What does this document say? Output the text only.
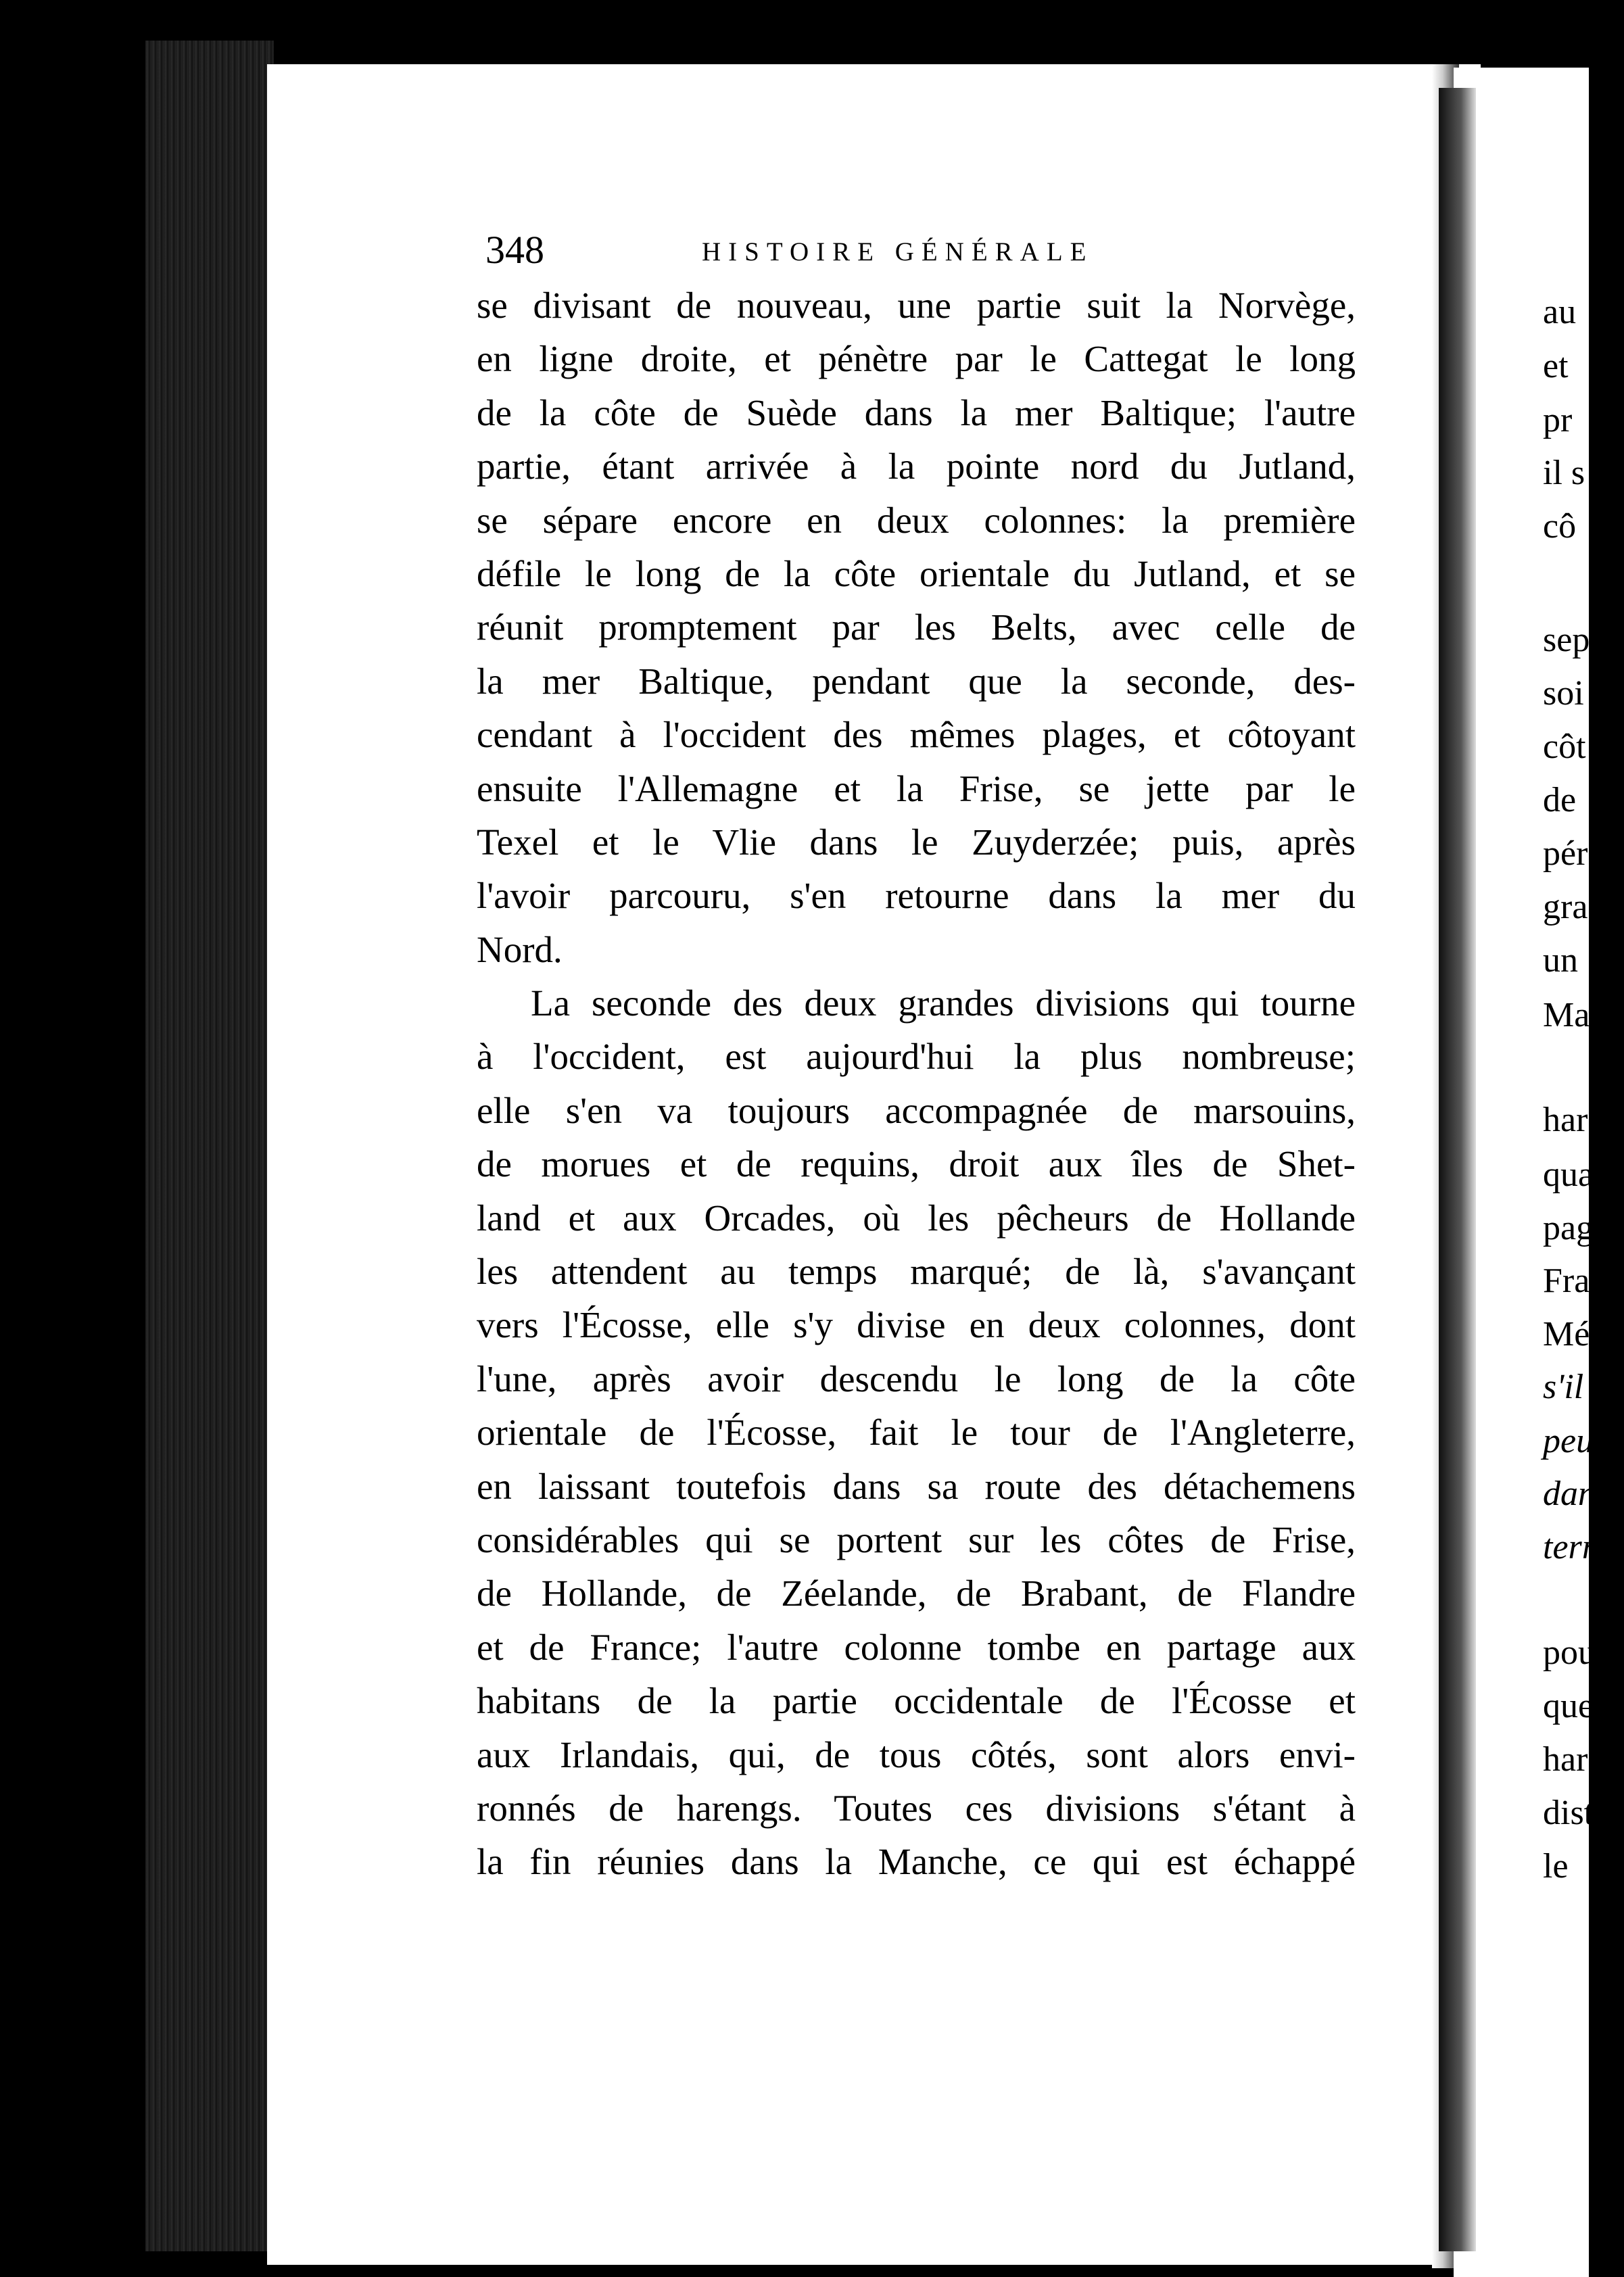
348	HISTOIRE GÉNÉRALE
se divisant de nouveau, une partie suit la Norvège,
en ligne droite, et pénètre par le Cattegat le long
de la côte de Suède dans la mer Baltique; l'autre
partie, étant arrivée à la pointe nord du Jutland,
se sépare encore en deux colonnes: la première
défile le long de la côte orientale du Jutland, et se
réunit promptement par les Belts, avec celle de
la mer Baltique, pendant que la seconde, des-
cendant à l'occident des mêmes plages, et côtoyant
ensuite l'Allemagne et la Frise, se jette par le
Texel et le Vlie dans le Zuyderzée; puis, après
l'avoir parcouru, s'en retourne dans la mer du
Nord.
La seconde des deux grandes divisions qui tourne
à l'occident, est aujourd'hui la plus nombreuse;
elle s'en va toujours accompagnée de marsouins,
de morues et de requins, droit aux îles de Shet-
land et aux Orcades, où les pêcheurs de Hollande
les attendent au temps marqué; de là, s'avançant
vers l'Écosse, elle s'y divise en deux colonnes, dont
l'une, après avoir descendu le long de la côte
orientale de l'Écosse, fait le tour de l'Angleterre,
en laissant toutefois dans sa route des détachemens
considérables qui se portent sur les côtes de Frise,
de Hollande, de Zéelande, de Brabant, de Flandre
et de France; l'autre colonne tombe en partage aux
habitans de la partie occidentale de l'Écosse et
aux Irlandais, qui, de tous côtés, sont alors envi-
ronnés de harengs. Toutes ces divisions s'étant à
la fin réunies dans la Manche, ce qui est échappé
au
et
pr
il s
cô
sep
soi
côt
de
pér
gra
un
Ma
har
qua
pag
Fra
Mé
s'il
peu
dan
terr
pou
que
har
dist
le
